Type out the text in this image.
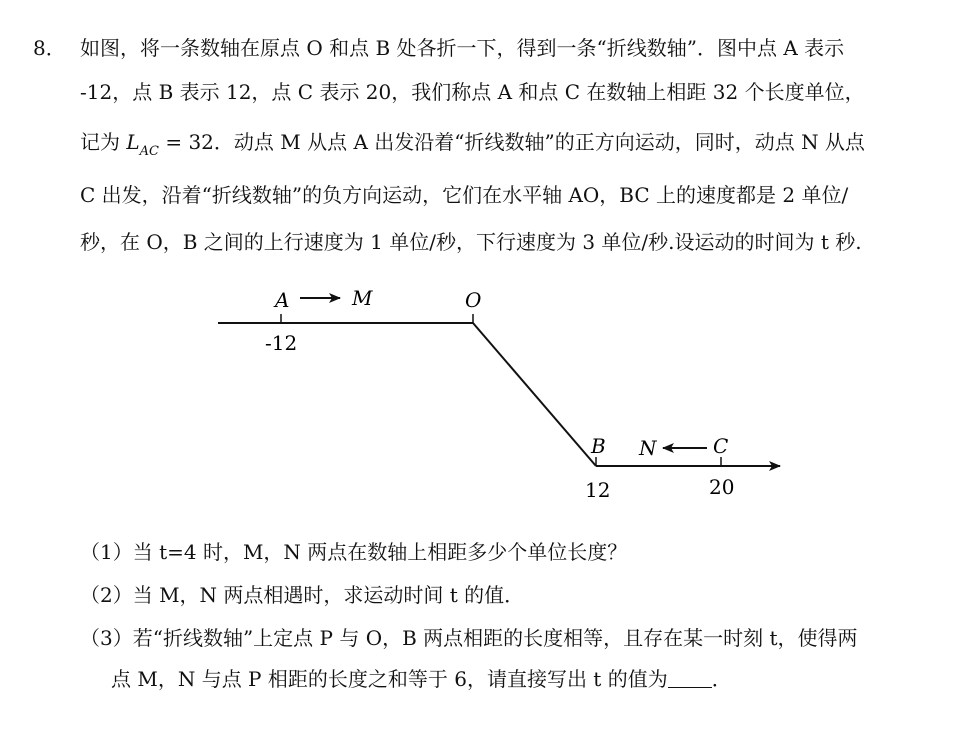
8． 如图，将一条数轴在原点 O 和点 B 处各折一下，得到一条“折线数轴”．图中点 A 表示
-12，点 B 表示 12，点 C 表示 20，我们称点 A 和点 C 在数轴上相距 32 个长度单位，
记为 $L_{AC} = 32$．动点 M 从点 A 出发沿着“折线数轴”的正方向运动，同时，动点 N 从点
C 出发，沿着“折线数轴”的负方向运动，它们在水平轴 AO，BC 上的速度都是 2 单位/
秒，在 O，B 之间的上行速度为 1 单位/秒，下行速度为 3 单位/秒.设运动的时间为 t 秒.
A	M	O
B N	C
-12
12	20
（1）当 t=4 时，M，N 两点在数轴上相距多少个单位长度？
（2）当 M，N 两点相遇时，求运动时间 t 的值．
（3）若“折线数轴”上定点 P 与 O，B 两点相距的长度相等，且存在某一时刻 t，使得两
点 M，N 与点 P 相距的长度之和等于 6，请直接写出 t 的值为 ．
